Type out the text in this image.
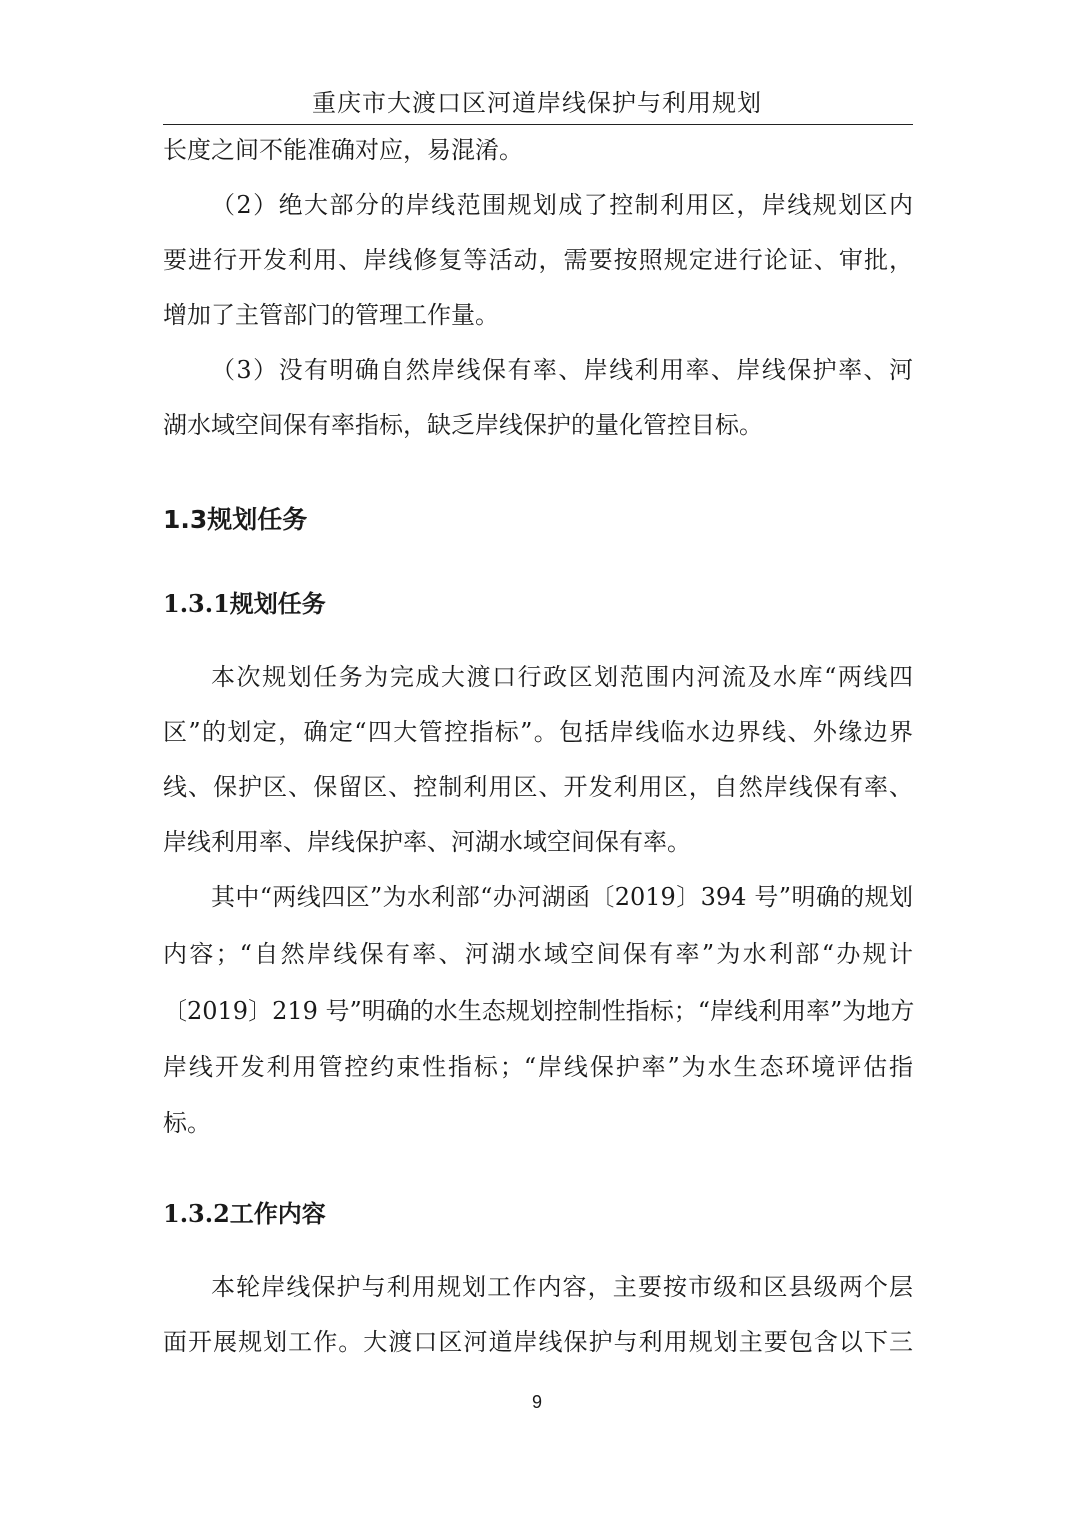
重庆市大渡口区河道岸线保护与利用规划
长度之间不能准确对应，易混淆。
（2）绝大部分的岸线范围规划成了控制利用区，岸线规划区内
要进行开发利用、岸线修复等活动，需要按照规定进行论证、审批，
增加了主管部门的管理工作量。
（3）没有明确自然岸线保有率、岸线利用率、岸线保护率、河
湖水域空间保有率指标，缺乏岸线保护的量化管控目标。
1.3规划任务
1.3.1规划任务
本次规划任务为完成大渡口行政区划范围内河流及水库“两线四
区”的划定，确定“四大管控指标”。包括岸线临水边界线、外缘边界
线、保护区、保留区、控制利用区、开发利用区，自然岸线保有率、
岸线利用率、岸线保护率、河湖水域空间保有率。
其中“两线四区”为水利部“办河湖函〔2019〕394 号”明确的规划
内容；“自然岸线保有率、河湖水域空间保有率”为水利部“办规计
〔2019〕219 号”明确的水生态规划控制性指标；“岸线利用率”为地方
岸线开发利用管控约束性指标；“岸线保护率”为水生态环境评估指
标。
1.3.2工作内容
本轮岸线保护与利用规划工作内容，主要按市级和区县级两个层
面开展规划工作。大渡口区河道岸线保护与利用规划主要包含以下三
9
